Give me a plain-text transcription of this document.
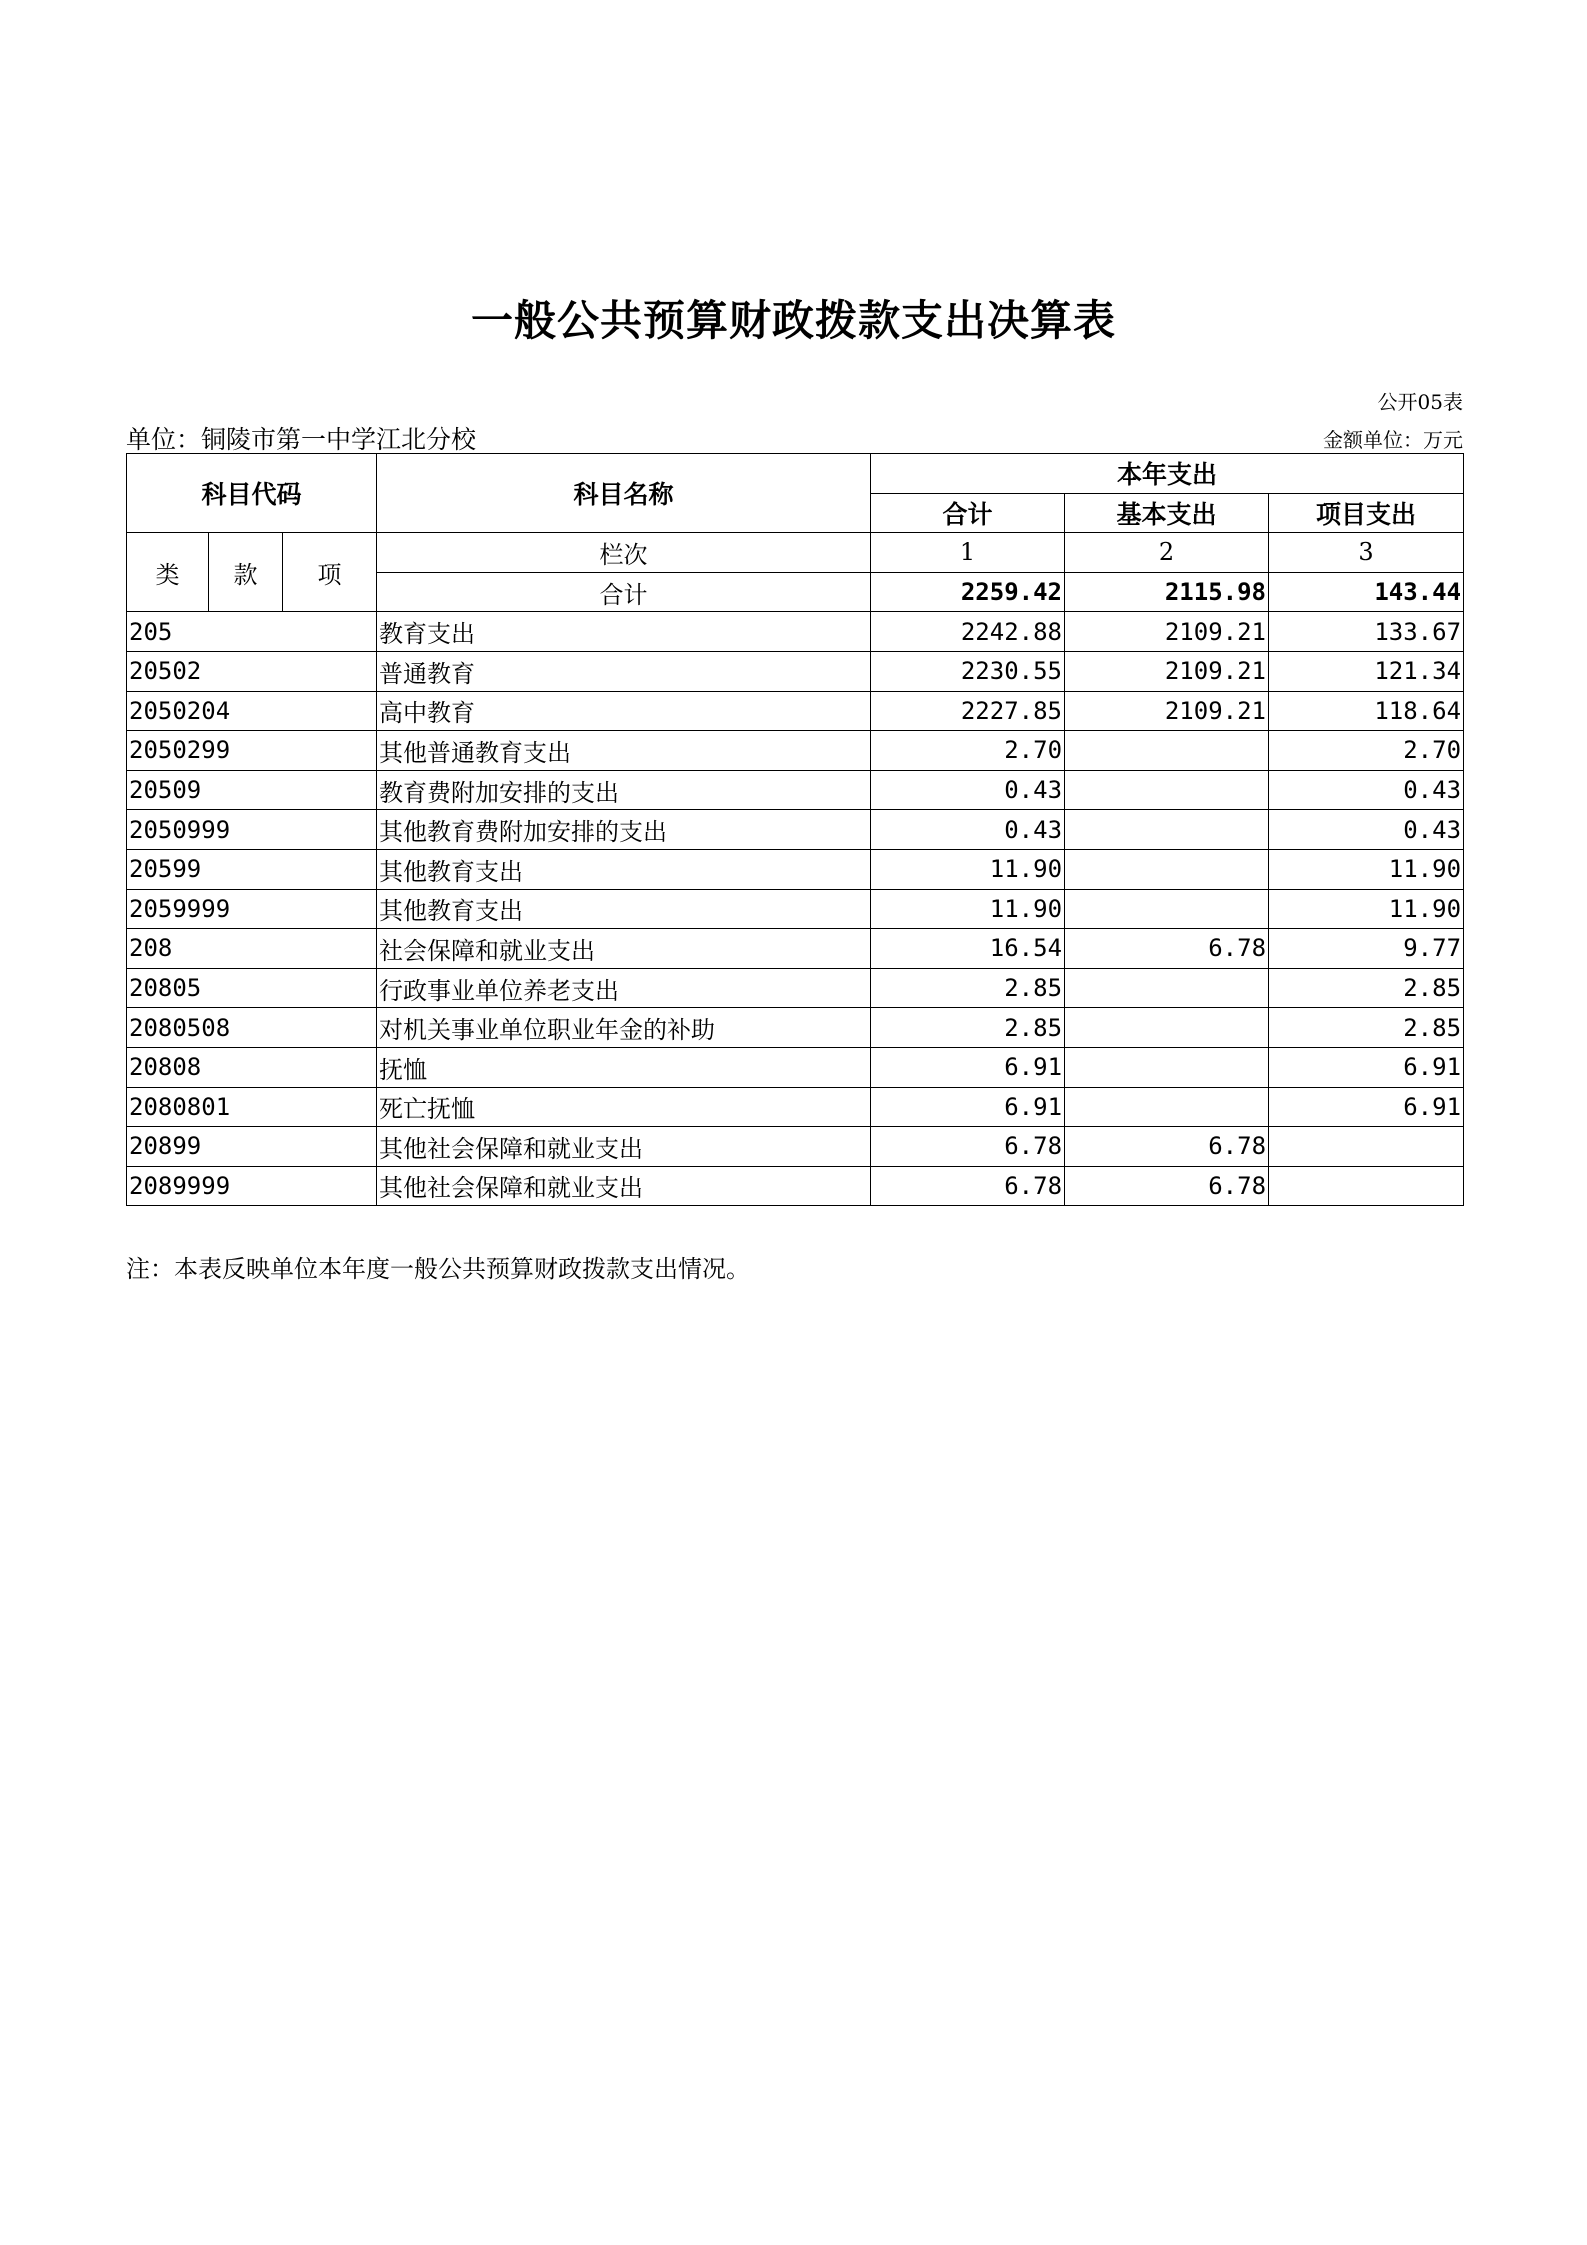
一般公共预算财政拨款支出决算表
公开05表
单位：铜陵市第一中学江北分校	金额单位：万元
科目代码			科目名称	本年支出		
				合计	基本支出	项目支出
类	款	项	栏次	1	2	3
			合计	2259.42	2115.98	143.44
205			教育支出	2242.88	2109.21	133.67
20502			普通教育	2230.55	2109.21	121.34
2050204			高中教育	2227.85	2109.21	118.64
2050299			其他普通教育支出	2.70		2.70
20509			教育费附加安排的支出	0.43		0.43
2050999			其他教育费附加安排的支出	0.43		0.43
20599			其他教育支出	11.90		11.90
2059999			其他教育支出	11.90		11.90
208			社会保障和就业支出	16.54	6.78	9.77
20805			行政事业单位养老支出	2.85		2.85
2080508			对机关事业单位职业年金的补助	2.85		2.85
20808			抚恤	6.91		6.91
2080801			死亡抚恤	6.91		6.91
20899			其他社会保障和就业支出	6.78	6.78	
2089999			其他社会保障和就业支出	6.78	6.78	
注：本表反映单位本年度一般公共预算财政拨款支出情况。
